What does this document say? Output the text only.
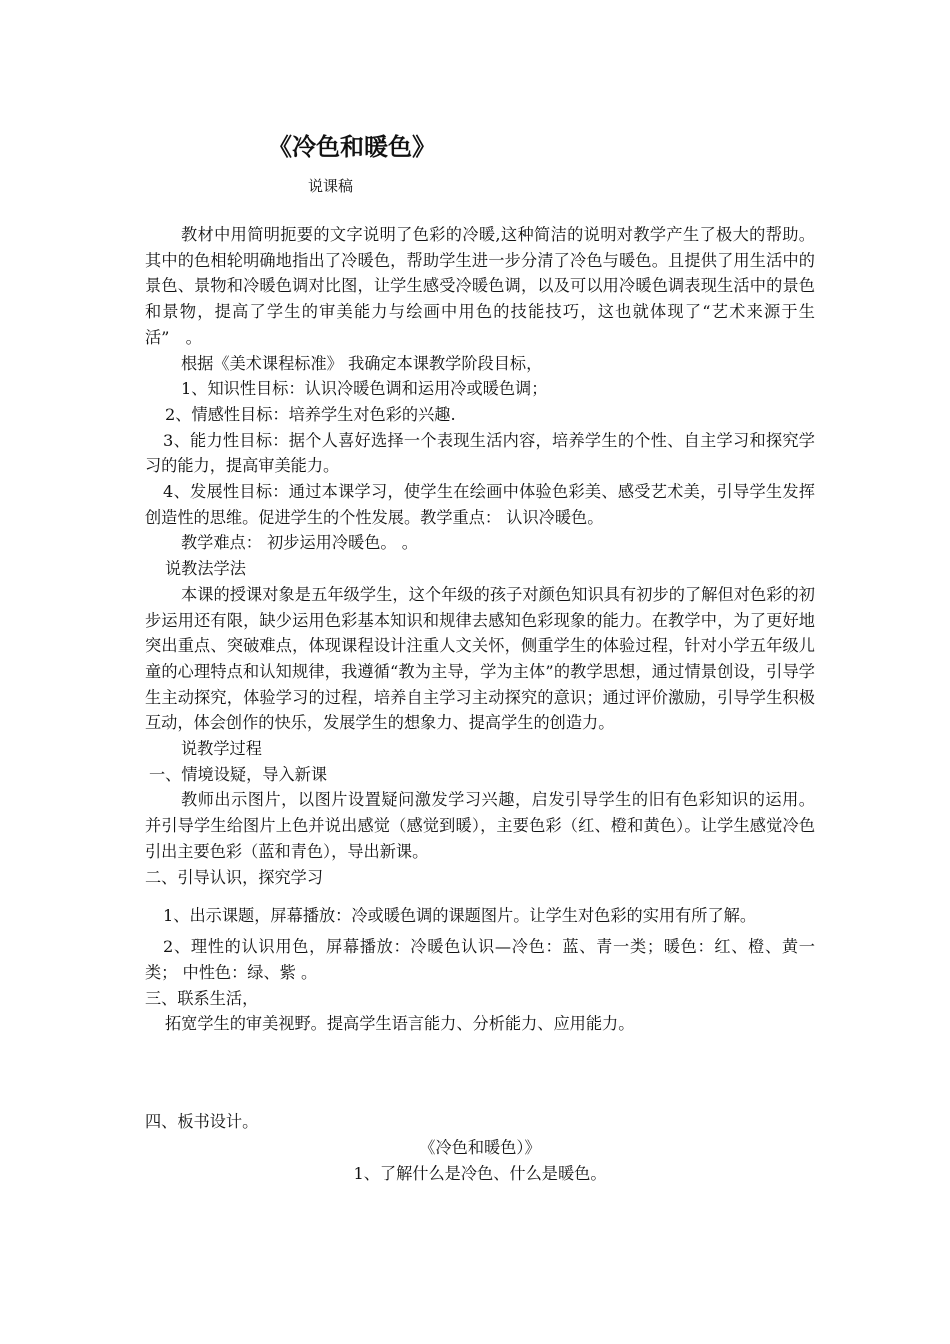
《冷色和暖色》
说课稿

教材中用简明扼要的文字说明了色彩的冷暖,这种简洁的说明对教学产生了极大的帮助。其中的色相轮明确地指出了冷暖色，帮助学生进一步分清了冷色与暖色。且提供了用生活中的景色、景物和冷暖色调对比图，让学生感受冷暖色调，以及可以用冷暖色调表现生活中的景色和景物，提高了学生的审美能力与绘画中用色的技能技巧，这也就体现了“艺术来源于生活”　。

根据《美术课程标准》 我确定本课教学阶段目标，

1、知识性目标：认识冷暖色调和运用冷或暖色调；

2、情感性目标：培养学生对色彩的兴趣.

3、能力性目标：据个人喜好选择一个表现生活内容，培养学生的个性、自主学习和探究学习的能力，提高审美能力。

4、发展性目标：通过本课学习，使学生在绘画中体验色彩美、感受艺术美，引导学生发挥创造性的思维。促进学生的个性发展。教学重点： 认识冷暖色。

教学难点： 初步运用冷暖色。 。

说教法学法

本课的授课对象是五年级学生，这个年级的孩子对颜色知识具有初步的了解但对色彩的初步运用还有限，缺少运用色彩基本知识和规律去感知色彩现象的能力。在教学中，为了更好地突出重点、突破难点，体现课程设计注重人文关怀，侧重学生的体验过程，针对小学五年级儿童的心理特点和认知规律，我遵循“教为主导，学为主体”的教学思想，通过情景创设，引导学生主动探究，体验学习的过程，培养自主学习主动探究的意识；通过评价激励，引导学生积极互动，体会创作的快乐，发展学生的想象力、提高学生的创造力。

说教学过程

一、情境设疑，导入新课

教师出示图片，以图片设置疑问激发学习兴趣，启发引导学生的旧有色彩知识的运用。 并引导学生给图片上色并说出感觉（感觉到暖），主要色彩（红、橙和黄色）。让学生感觉冷色引出主要色彩（蓝和青色），导出新课。

二、引导认识，探究学习

1、出示课题，屏幕播放：冷或暖色调的课题图片。让学生对色彩的实用有所了解。

2、理性的认识用色，屏幕播放：冷暖色认识—冷色：蓝、青一类；暖色：红、橙、黄一类； 中性色：绿、紫 。

三、联系生活，

拓宽学生的审美视野。提高学生语言能力、分析能力、应用能力。

四、板书设计。

《冷色和暖色）》

1、了解什么是冷色、什么是暖色。
